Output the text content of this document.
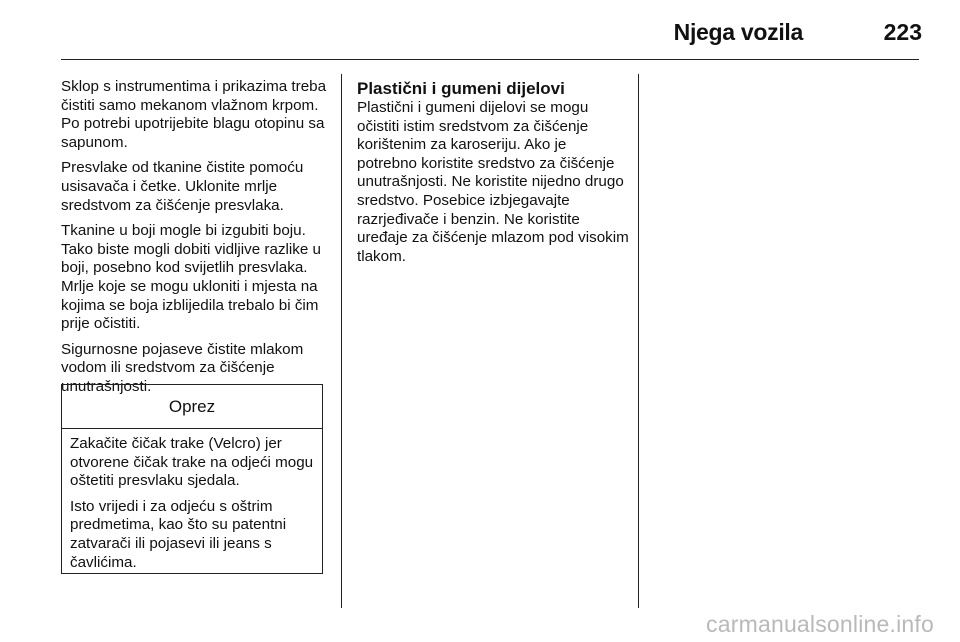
Njega vozila	223

Sklop s instrumentima i prikazima treba čistiti samo mekanom vlažnom krpom. Po potrebi upotrijebite blagu otopinu sa sapunom.

Presvlake od tkanine čistite pomoću usisavača i četke. Uklonite mrlje sredstvom za čišćenje presvlaka.

Tkanine u boji mogle bi izgubiti boju. Tako biste mogli dobiti vidljive razlike u boji, posebno kod svijetlih presvlaka. Mrlje koje se mogu ukloniti i mjesta na kojima se boja izblijedila trebalo bi čim prije očistiti.

Sigurnosne pojaseve čistite mlakom vodom ili sredstvom za čišćenje unutrašnjosti.

Oprez

Zakačite čičak trake (Velcro) jer otvorene čičak trake na odjeći mogu oštetiti presvlaku sjedala.

Isto vrijedi i za odjeću s oštrim predmetima, kao što su patentni zatvarači ili pojasevi ili jeans s čavlićima.

Plastični i gumeni dijelovi

Plastični i gumeni dijelovi se mogu očistiti istim sredstvom za čišćenje korištenim za karoseriju. Ako je potrebno koristite sredstvo za čišćenje unutrašnjosti. Ne koristite nijedno drugo sredstvo. Posebice izbjegavajte razrjeđivače i benzin. Ne koristite uređaje za čišćenje mlazom pod visokim tlakom.

carmanualsonline.info
